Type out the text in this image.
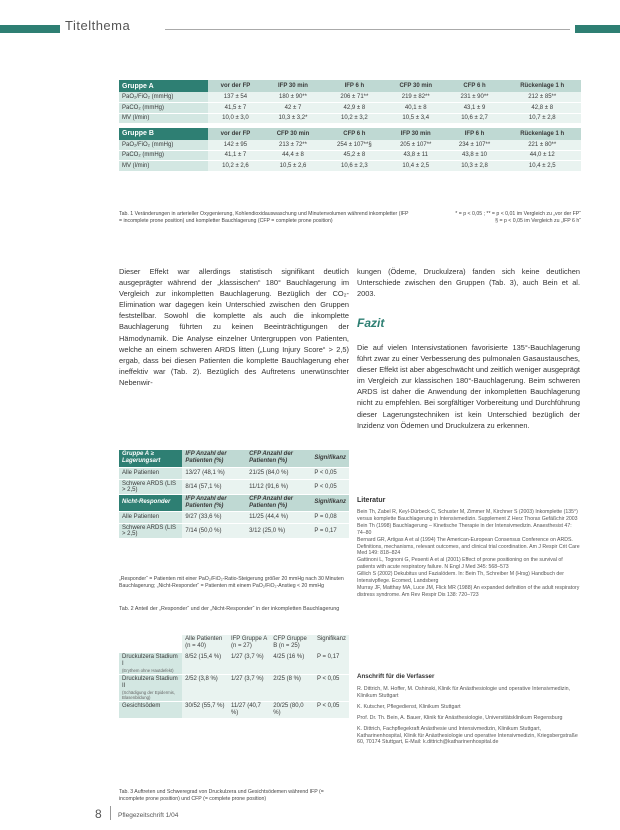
Titelthema
Gruppe A	vor der FP	IFP 30 min	IFP 6 h	CFP 30 min	CFP 6 h	Rückenlage 1 h
PaO₂/FiO₂ (mmHg)	137 ± 54	180 ± 90**	206 ± 71**	219 ± 82**	231 ± 90**	212 ± 85**
PaCO₂ (mmHg)	41,5 ± 7	42 ± 7	42,9 ± 8	40,1 ± 8	43,1 ± 9	42,8 ± 8
MV (l/min)	10,0 ± 3,0	10,3 ± 3,2*	10,2 ± 3,2	10,5 ± 3,4	10,6 ± 2,7	10,7 ± 2,8

Gruppe B	vor der FP	CFP 30 min	CFP 6 h	IFP 30 min	IFP 6 h	Rückenlage 1 h
PaO₂/FiO₂ (mmHg)	142 ± 95	213 ± 72**	254 ± 107**§	205 ± 107**	234 ± 107**	221 ± 80**
PaCO₂ (mmHg)	41,1 ± 7	44,4 ± 8	45,2 ± 8	43,8 ± 11	43,8 ± 10	44,0 ± 12
MV (l/min)	10,2 ± 2,6	10,5 ± 2,6	10,6 ± 2,3	10,4 ± 2,5	10,3 ± 2,8	10,4 ± 2,5
Tab. 1 Veränderungen in arterieller Oxygenierung, Kohlendioxidauswaschung und Minutenvolumen während inkompletter (IFP = incomplete prone position) und kompletter Bauchlagerung (CFP = complete prone position)
* = p < 0,05 ; ** = p < 0,01 im Vergleich zu „vor der FP“
§ = p < 0,05 im Vergleich zu „IFP 6 h“
Dieser Effekt war allerdings statistisch signifikant deutlich ausgeprägter während der „klassischen“ 180° Bauchlagerung im Vergleich zur inkompletten Bauchlagerung. Bezüglich der CO₂-Elimination war dagegen kein Unterschied zwischen den Gruppen feststellbar. Sowohl die komplette als auch die inkomplette Bauchlagerung führten zu keinen Beeinträchtigungen der Hämodynamik. Die Analyse einzelner Untergruppen von Patienten, welche an einem schweren ARDS litten („Lung Injury Score“ > 2,5) ergab, dass bei diesen Patienten die komplette Bauchlagerung eher ineffektiv war (Tab. 2). Bezüglich des Auftretens unerwünschter Nebenwir-
kungen (Ödeme, Druckulzera) fanden sich keine deutlichen Unterschiede zwischen den Gruppen (Tab. 3), auch Bein et al. 2003.
Fazit
Die auf vielen Intensivstationen favorisierte 135°-Bauchlagerung führt zwar zu einer Verbesserung des pulmonalen Gasaustausches, dieser Effekt ist aber abgeschwächt und zeitlich weniger ausgeprägt im Vergleich zur klassischen 180°-Bauchlagerung. Beim schweren ARDS ist daher die Anwendung der inkompletten Bauchlagerung nicht zu empfehlen. Bei sorgfältiger Vorbereitung und Durchführung dieser Lagerungstechniken ist kein Unterschied bezüglich der Inzidenz von Ödemen und Druckulzera zu erkennen.
Gruppe A ≥ Lagerungsart	IFP Anzahl der Patienten (%)	CFP Anzahl der Patienten (%)	Signifikanz
Alle Patienten	13/27 (48,1 %)	21/25 (84,0 %)	P < 0,05
Schwere ARDS (LIS > 2,5)	8/14 (57,1 %)	11/12 (91,6 %)	P < 0,05
Nicht-Responder	IFP Anzahl der Patienten (%)	CFP Anzahl der Patienten (%)	Signifikanz
Alle Patienten	9/27 (33,6 %)	11/25 (44,4 %)	P = 0,08
Schwere ARDS (LIS > 2,5)	7/14 (50,0 %)	3/12 (25,0 %)	P = 0,17
„Responder“ = Patienten mit einer PaO₂/FiO₂-Ratio-Steigerung größer 20 mmHg nach 30 Minuten Bauchlagerung; „Nicht-Responder“ = Patienten mit einem PaO₂/FiO₂-Anstieg < 20 mmHg
Tab. 2 Anteil der „Responder“ und der „Nicht-Responder“ in der inkompletten Bauchlagerung
	Alle Patienten (n = 40)	IFP Gruppe A (n = 27)	CFP Gruppe B (n = 25)	Signifikanz
Druckulzera Stadium I
(Erythem ohne Hautdefekt)	8/52 (15,4 %)	1/27 (3,7 %)	4/25 (16 %)	P = 0,17
Druckulzera Stadium II
(Schädigung der Epidermis, Blasenbildung)	2/52 (3,8 %)	1/27 (3,7 %)	2/25 (8 %)	P < 0,05
Gesichtsödem	30/52 (55,7 %)	11/27 (40,7 %)	20/25 (80,0 %)	P < 0,05
Tab. 3 Auftreten und Schweregrad von Druckulzera und Gesichtsödemen während IFP (= incomplete prone position) und CFP (= complete prone position)
Literatur

Bein Th, Zabel R, Keyl-Dürbeck C, Schuster M, Zimmer M, Kirchner S (2003) Inkomplette (135°) versus komplette Bauchlagerung in Intensivmedizin. Supplement Z Herz Thorax Gefäßchir 2003

Bein Th (1998) Bauchlagerung – Kinetische Therapie in der Intensivmedizin. Anaesthesist 47: 74–80

Bernard GR, Artigas A et al (1994) The American-European Consensus Conference on ARDS. Definitions, mechanisms, relevant outcomes, and clinical trial coordination. Am J Respir Crit Care Med 149: 818–824

Gattinoni L, Tognoni G, Pesenti A et al (2001) Effect of prone positioning on the survival of patients with acute respiratory failure. N Engl J Med 345: 568–573

Gillich S (2002) Dekubitus und Fazialödem. In: Bein Th, Schreiber M (Hrsg) Handbuch der Intensivpflege. Ecomed, Landsberg

Murray JF, Matthay MA, Luce JM, Flick MR (1988) An expanded definition of the adult respiratory distress syndrome. Am Rev Respir Dis 138: 720–723

Anschrift für die Verfasser

R. Dittrich, M. Hoffer, M. Oshinski, Klinik für Anästhesiologie und operative Intensivmedizin, Klinikum Stuttgart

K. Kutscher, Pflegedienst, Klinikum Stuttgart

Prof. Dr. Th. Bein, A. Bauer, Klinik für Anästhesiologie, Universitätsklinikum Regensburg

K. Dittrich, Fachpflegekraft Anästhesie und Intensivmedizin, Klinikum Stuttgart, Katharinenhospital, Klinik für Anästhesiologie und operative Intensivmedizin, Kriegsbergstraße 60, 70174 Stuttgart, E-Mail: k.dittrich@katharinenhospital.de

8	Pflegezeitschrift 1/04
